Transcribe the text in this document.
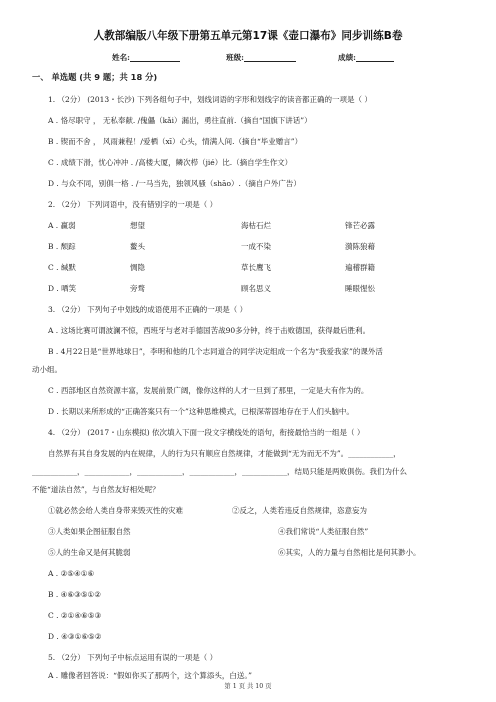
人教部编版八年级下册第五单元第17课《壶口瀑布》同步训练B卷
姓名:	班级:	成绩:
一、 单选题 (共 9 题；共 18 分)
1. （2分） (2013・长沙) 下列各组句子中，划线词语的字形和划线字的读音都正确的一项是（ ）
A . 恪尽职守 ， 无私奉献. /傀儡（kǎi）漏岀，勇往直前.（摘自“国旗下讲话”）
B . 锲而不舍 ， 风雨兼程！/爱栖（xī）心头，情满人间.（摘自“毕业赠言”）
C . 成绩下滑，忧心冲冲 . /高楼大厦，鳞次栉（jié）比.（摘自学生作文）
D . 与众不同，别俱一格 . /一马当先，独领风骚（shāo）.（摘自户外广告）
2. （2分） 下列词语中，没有错别字的一项是（ ）
A . 赢弱	想望	海枯石烂	锋芒必露
B . 颓踪	鳌头	一成不染	漪陈狼藉
C . 缄默	惆隐	草长鹰飞	遍稽群籍
D . 哂笑	旁骛	顾名思义	睡眼惺忪
3. （2分） 下列句子中划线的成语使用不正确的一项是（ ）
A . 这场比赛可谓波澜不惊，西班牙与老对手德国苦战90多分钟，终于击败德国，获得最后胜利。
B . 4月22日是“世界地球日”，李明和他的几个志同道合的同学决定组成一个名为“我爱我家”的课外活
动小组。
C . 西部地区自然资源丰富，发展前景广阔，像你这样的人才一旦到了那里，一定是大有作为的。
D . 长期以来所形成的“正确答案只有一个”这种思维模式，已根深蒂固地存在于人们头脑中。
4. （2分） (2017・山东模拟) 依次填入下面一段文字横线处的语句，衔接最恰当的一组是（ ）
自然界有其自身发展的内在规律，人的行为只有顺应自然规律，才能做到“无为而无不为”。____________，
____________，____________，____________，____________，____________，结局只能是两败俱伤。我们为什么
不能“道法自然”，与自然友好相处呢？
①就必然会给人类自身带来毁灭性的灾难	②反之，人类若违反自然规律，恣意妄为
③人类如果企图征服自然	④我们常说“人类征服自然”
⑤人的生命又是何其脆弱	⑥其实，人的力量与自然相比是何其渺小。
A . ②⑤④①⑥
B . ④⑥③⑤①②
C . ②①④⑥⑤③
D . ④③①⑥⑤②
5. （2分） 下列句子中标点运用有误的一项是（ ）
A . 雕像者回答说：“假如你买了那两个，这个算添头，白送。”
第 1 页 共 10 页
